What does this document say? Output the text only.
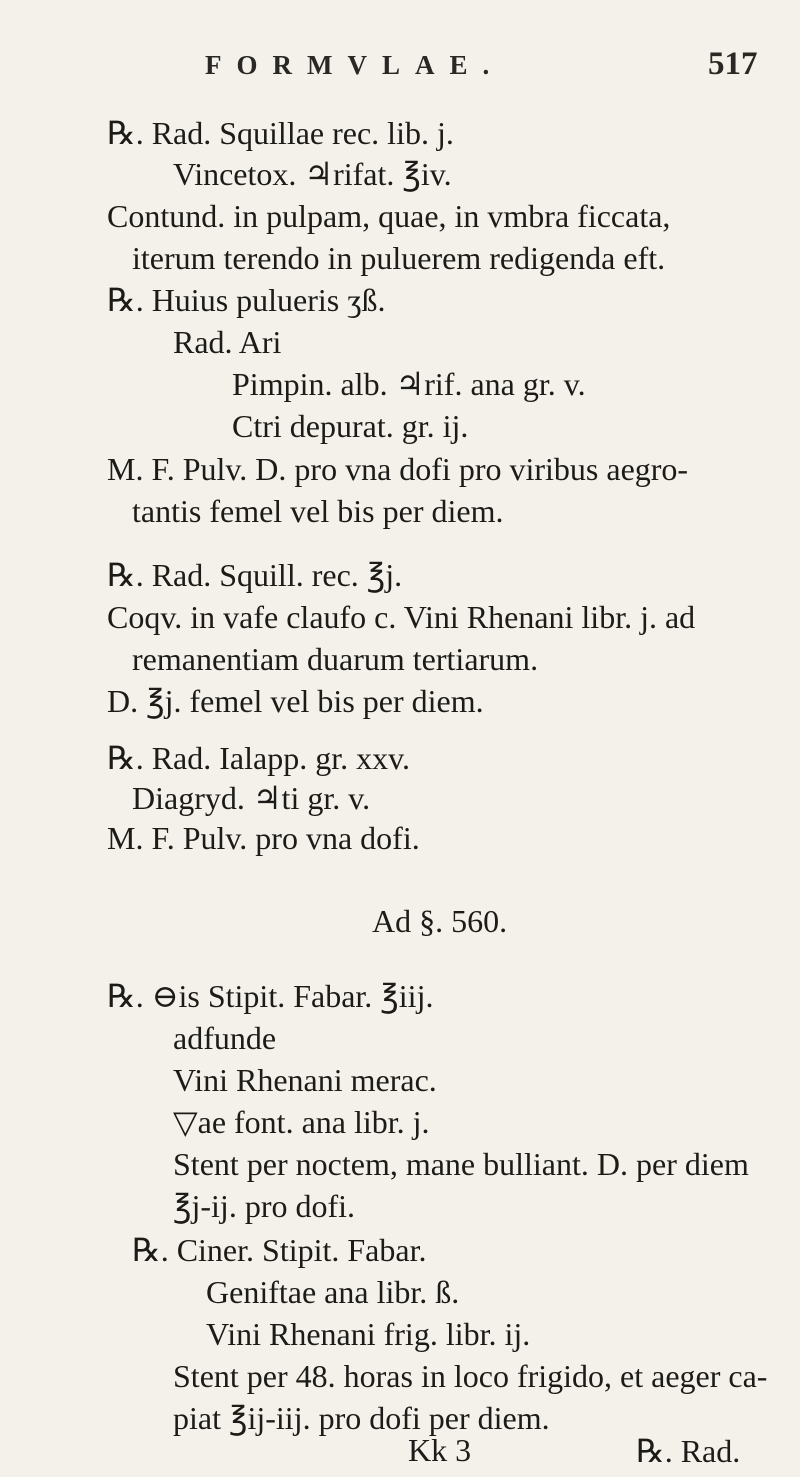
FORMVLAE.	517
℞. Rad. Squillae rec. lib. j.
Vincetox. ♃rifat. ℥iv.
Contund. in pulpam, quae, in vmbra ficcata,
iterum terendo in puluerem redigenda eft.
℞. Huius pulueris ʒß.
Rad. Ari
Pimpin. alb. ♃rif. ana gr. v.
Ctri depurat. gr. ij.
M. F. Pulv. D. pro vna dofi pro viribus aegro-
tantis femel vel bis per diem.
℞. Rad. Squill. rec. ℥j.
Coqv. in vafe claufo c. Vini Rhenani libr. j. ad
remanentiam duarum tertiarum.
D. ℥j. femel vel bis per diem.
℞. Rad. Ialapp. gr. xxv.
Diagryd. ♃ti gr. v.
M. F. Pulv. pro vna dofi.
Ad §. 560.
℞. ⊖is Stipit. Fabar. ℥iij.
adfunde
Vini Rhenani merac.
▽ae font. ana libr. j.
Stent per noctem, mane bulliant. D. per diem
℥j-ij. pro dofi.
℞. Ciner. Stipit. Fabar.
Geniftae ana libr. ß.
Vini Rhenani frig. libr. ij.
Stent per 48. horas in loco frigido, et aeger ca-
piat ℥ij-iij. pro dofi per diem.
Kk 3	℞. Rad.
